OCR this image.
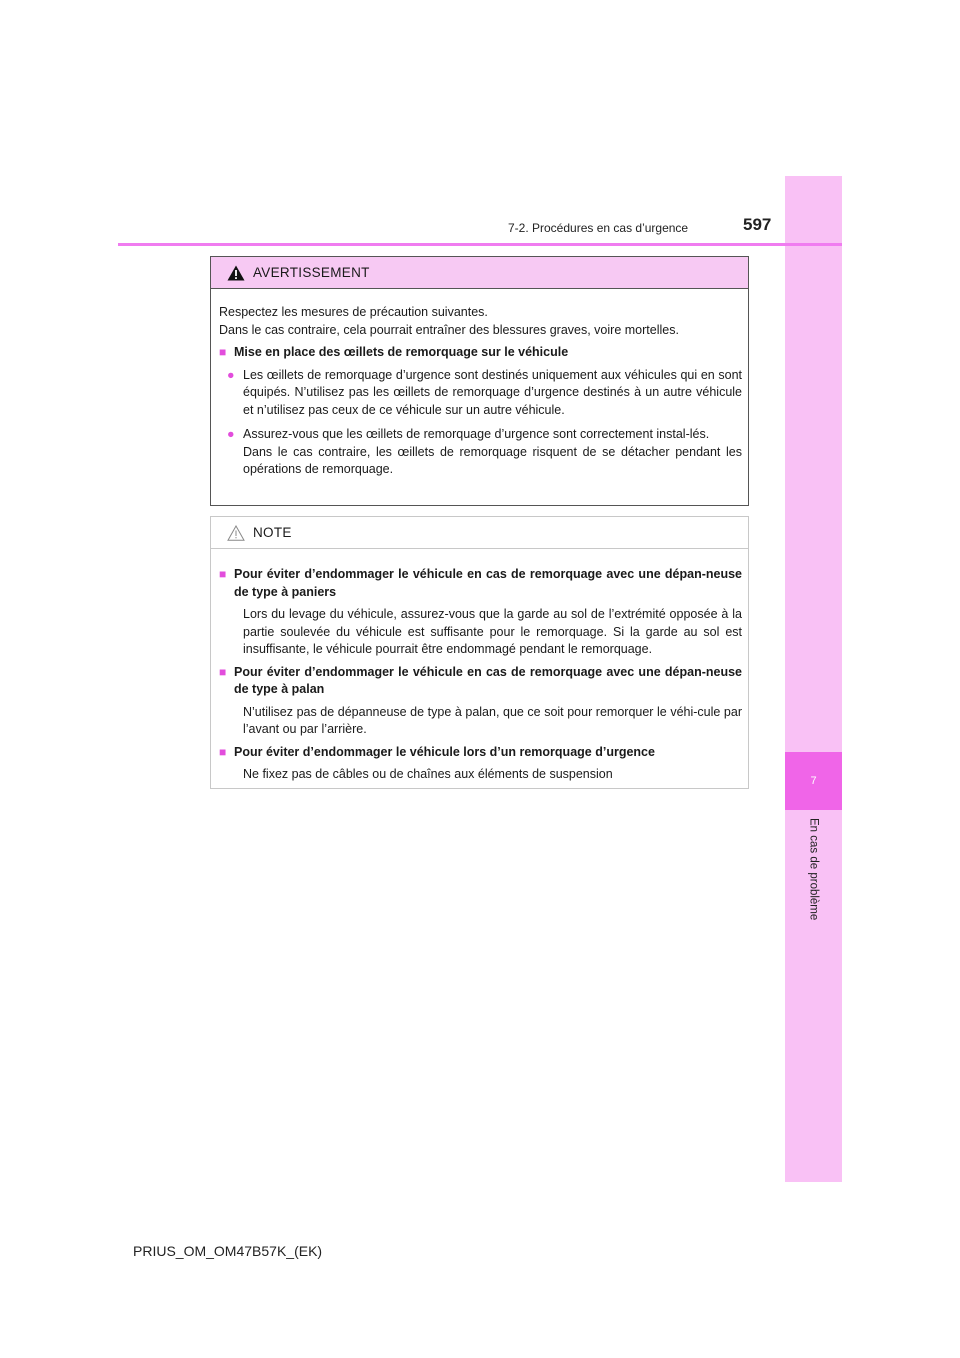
7
En cas de problème
7-2. Procédures en cas d’urgence	597
AVERTISSEMENT

Respectez les mesures de précaution suivantes.

Dans le cas contraire, cela pourrait entraîner des blessures graves, voire mortelles.

■ Mise en place des œillets de remorquage sur le véhicule
● Les œillets de remorquage d’urgence sont destinés uniquement aux véhicules qui en sont équipés. N’utilisez pas les œillets de remorquage d’urgence destinés à un autre véhicule et n’utilisez pas ceux de ce véhicule sur un autre véhicule.
● Assurez-vous que les œillets de remorquage d’urgence sont correctement instal-lés.

Dans le cas contraire, les œillets de remorquage risquent de se détacher pendant les opérations de remorquage.

NOTE
■ Pour éviter d’endommager le véhicule en cas de remorquage avec une dépan-neuse de type à paniers

Lors du levage du véhicule, assurez-vous que la garde au sol de l’extrémité opposée à la partie soulevée du véhicule est suffisante pour le remorquage. Si la garde au sol est insuffisante, le véhicule pourrait être endommagé pendant le remorquage.

■ Pour éviter d’endommager le véhicule en cas de remorquage avec une dépan-neuse de type à palan

N’utilisez pas de dépanneuse de type à palan, que ce soit pour remorquer le véhi-cule par l’avant ou par l’arrière.

■ Pour éviter d’endommager le véhicule lors d’un remorquage d’urgence

Ne fixez pas de câbles ou de chaînes aux éléments de suspension

PRIUS_OM_OM47B57K_(EK)
